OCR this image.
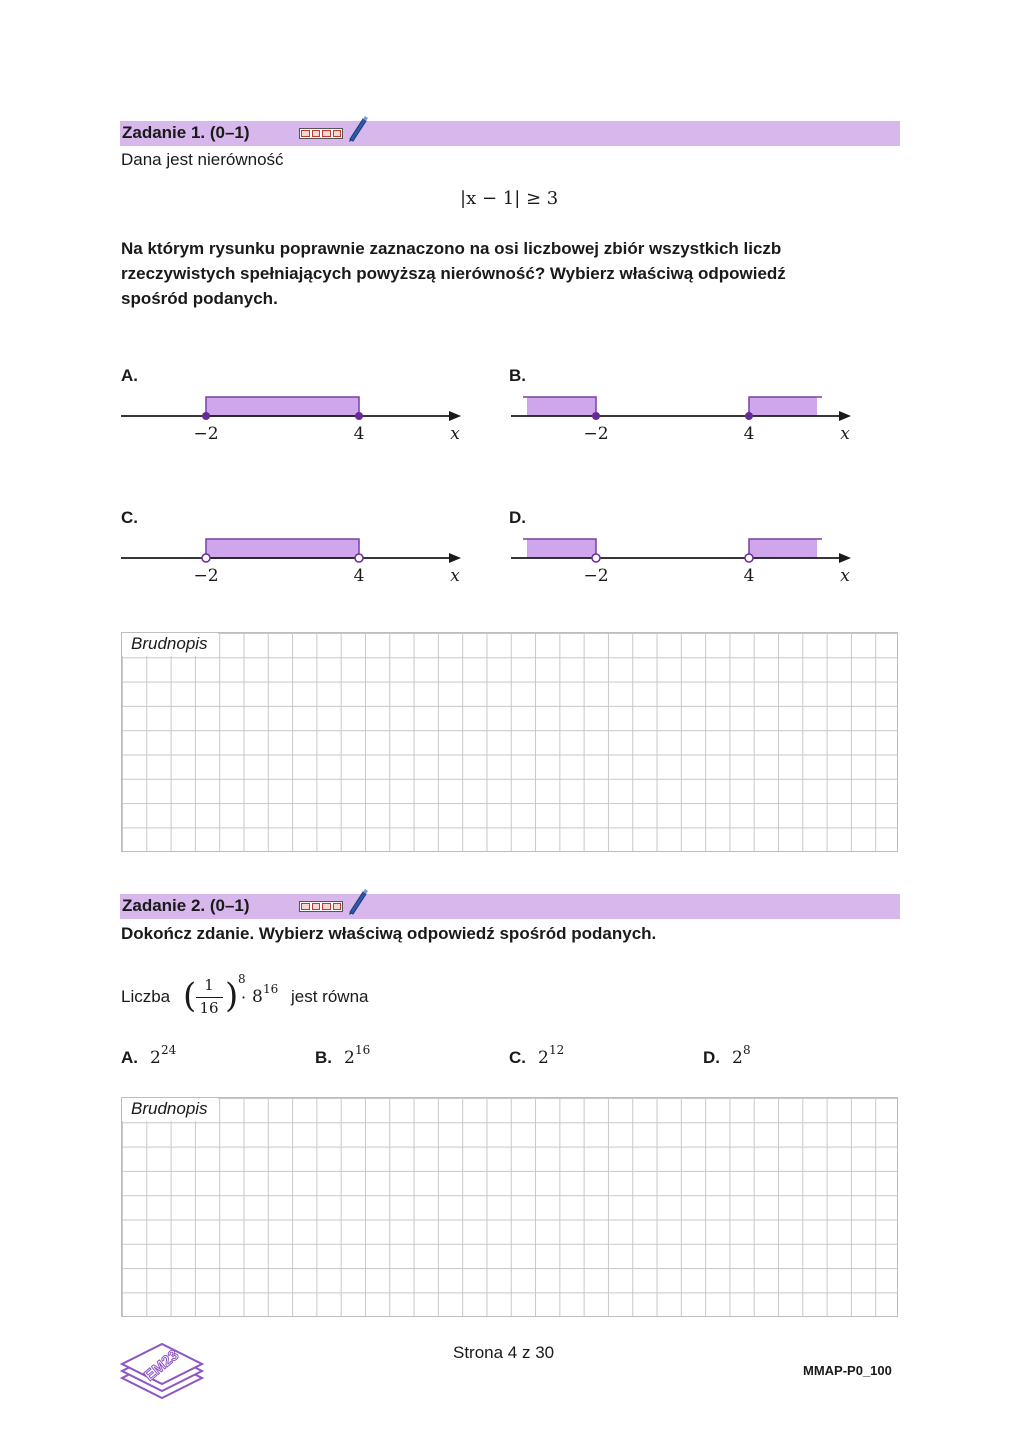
Zadanie 1. (0–1)
Dana jest nierówność
|x − 1| ≥ 3
Na którym rysunku poprawnie zaznaczono na osi liczbowej zbiór wszystkich liczb
rzeczywistych spełniających powyższą nierówność? Wybierz właściwą odpowiedź
spośród podanych.
A.
−2	4	x
B.
−2	4	x
C.
−2	4	x
D.
−2	4	x
Brudnopis
Zadanie 2. (0–1)
Dokończ zdanie. Wybierz właściwą odpowiedź spośród podanych.
Liczba ( 1
16 ) 8
· 8 16 jest równa
A. 2 24	B. 2 16	C. 2 12	D. 2 8
Brudnopis
EM23	Strona 4 z 30
MMAP-P0_100
